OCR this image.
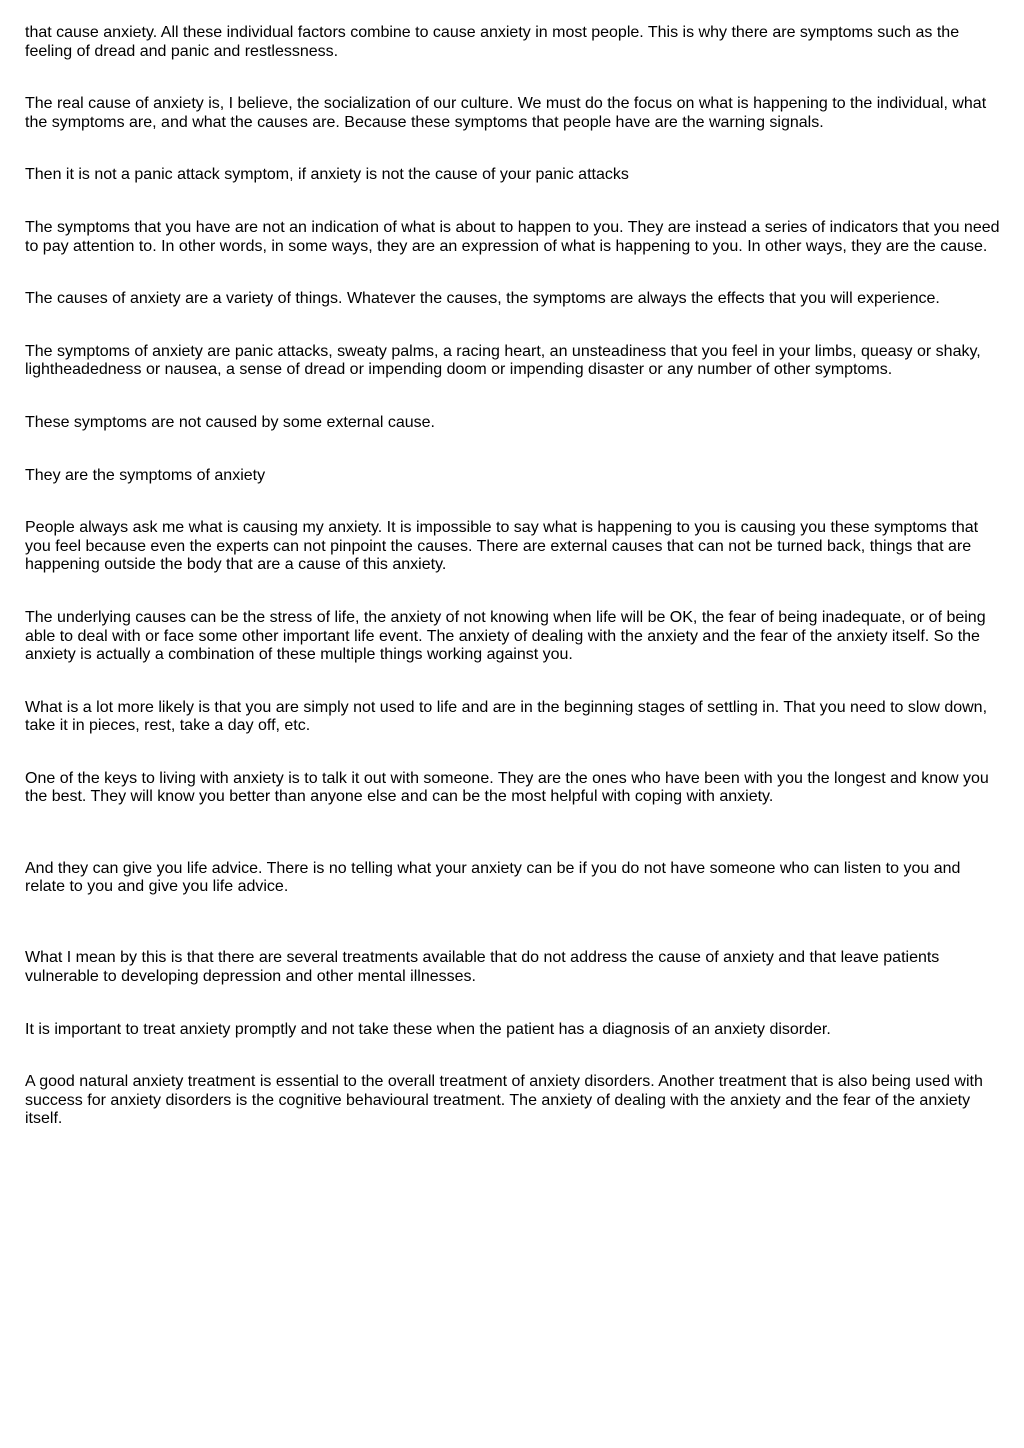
that cause anxiety. All these individual factors combine to cause anxiety in most people. This is why there are symptoms such as the feeling of dread and panic and restlessness.

The real cause of anxiety is, I believe, the socialization of our culture. We must do the focus on what is happening to the individual, what the symptoms are, and what the causes are. Because these symptoms that people have are the warning signals.

Then it is not a panic attack symptom, if anxiety is not the cause of your panic attacks

The symptoms that you have are not an indication of what is about to happen to you. They are instead a series of indicators that you need to pay attention to. In other words, in some ways, they are an expression of what is happening to you. In other ways, they are the cause.

The causes of anxiety are a variety of things. Whatever the causes, the symptoms are always the effects that you will experience.

The symptoms of anxiety are panic attacks, sweaty palms, a racing heart, an unsteadiness that you feel in your limbs, queasy or shaky, lightheadedness or nausea, a sense of dread or impending doom or impending disaster or any number of other symptoms.

These symptoms are not caused by some external cause.

They are the symptoms of anxiety

People always ask me what is causing my anxiety. It is impossible to say what is happening to you is causing you these symptoms that you feel because even the experts can not pinpoint the causes. There are external causes that can not be turned back, things that are happening outside the body that are a cause of this anxiety.

The underlying causes can be the stress of life, the anxiety of not knowing when life will be OK, the fear of being inadequate, or of being able to deal with or face some other important life event. The anxiety of dealing with the anxiety and the fear of the anxiety itself. So the anxiety is actually a combination of these multiple things working against you.

What is a lot more likely is that you are simply not used to life and are in the beginning stages of settling in. That you need to slow down, take it in pieces, rest, take a day off, etc.

One of the keys to living with anxiety is to talk it out with someone. They are the ones who have been with you the longest and know you the best. They will know you better than anyone else and can be the most helpful with coping with anxiety.

And they can give you life advice. There is no telling what your anxiety can be if you do not have someone who can listen to you and relate to you and give you life advice.

What I mean by this is that there are several treatments available that do not address the cause of anxiety and that leave patients vulnerable to developing depression and other mental illnesses.

It is important to treat anxiety promptly and not take these when the patient has a diagnosis of an anxiety disorder.

A good natural anxiety treatment is essential to the overall treatment of anxiety disorders. Another treatment that is also being used with success for anxiety disorders is the cognitive behavioural treatment. The anxiety of dealing with the anxiety and the fear of the anxiety itself.
